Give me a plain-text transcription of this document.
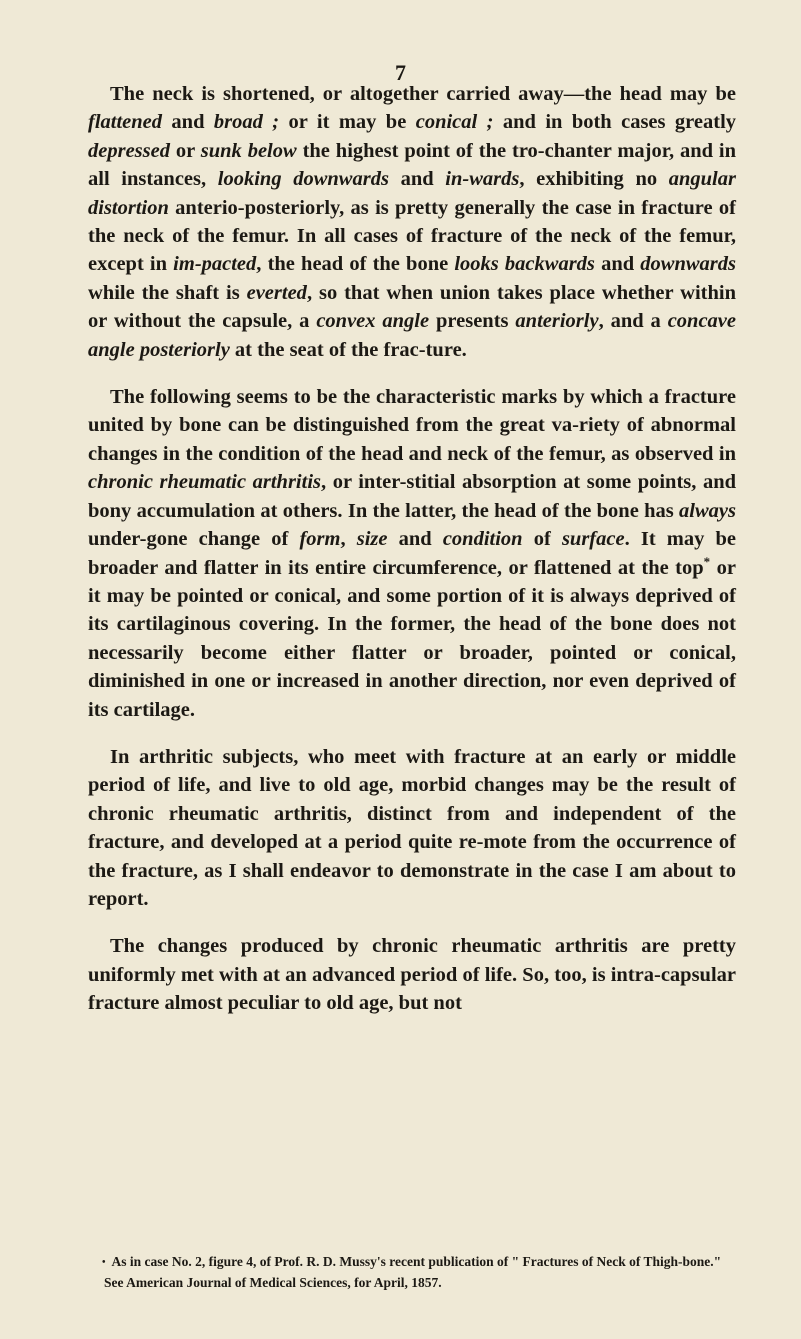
7

The neck is shortened, or altogether carried away—the head may be flattened and broad ; or it may be conical ; and in both cases greatly depressed or sunk below the highest point of the tro-chanter major, and in all instances, looking downwards and in-wards, exhibiting no angular distortion anterio-posteriorly, as is pretty generally the case in fracture of the neck of the femur. In all cases of fracture of the neck of the femur, except in im-pacted, the head of the bone looks backwards and downwards while the shaft is everted, so that when union takes place whether within or without the capsule, a convex angle presents anteriorly, and a concave angle posteriorly at the seat of the frac-ture.

The following seems to be the characteristic marks by which a fracture united by bone can be distinguished from the great va-riety of abnormal changes in the condition of the head and neck of the femur, as observed in chronic rheumatic arthritis, or inter-stitial absorption at some points, and bony accumulation at others. In the latter, the head of the bone has always under-gone change of form, size and condition of surface. It may be broader and flatter in its entire circumference, or flattened at the top* or it may be pointed or conical, and some portion of it is always deprived of its cartilaginous covering. In the former, the head of the bone does not necessarily become either flatter or broader, pointed or conical, diminished in one or increased in another direction, nor even deprived of its cartilage.

In arthritic subjects, who meet with fracture at an early or middle period of life, and live to old age, morbid changes may be the result of chronic rheumatic arthritis, distinct from and independent of the fracture, and developed at a period quite re-mote from the occurrence of the fracture, as I shall endeavor to demonstrate in the case I am about to report.

The changes produced by chronic rheumatic arthritis are pretty uniformly met with at an advanced period of life. So, too, is intra-capsular fracture almost peculiar to old age, but not

• As in case No. 2, figure 4, of Prof. R. D. Mussy's recent publication of " Fractures of Neck of Thigh-bone."
See American Journal of Medical Sciences, for April, 1857.
